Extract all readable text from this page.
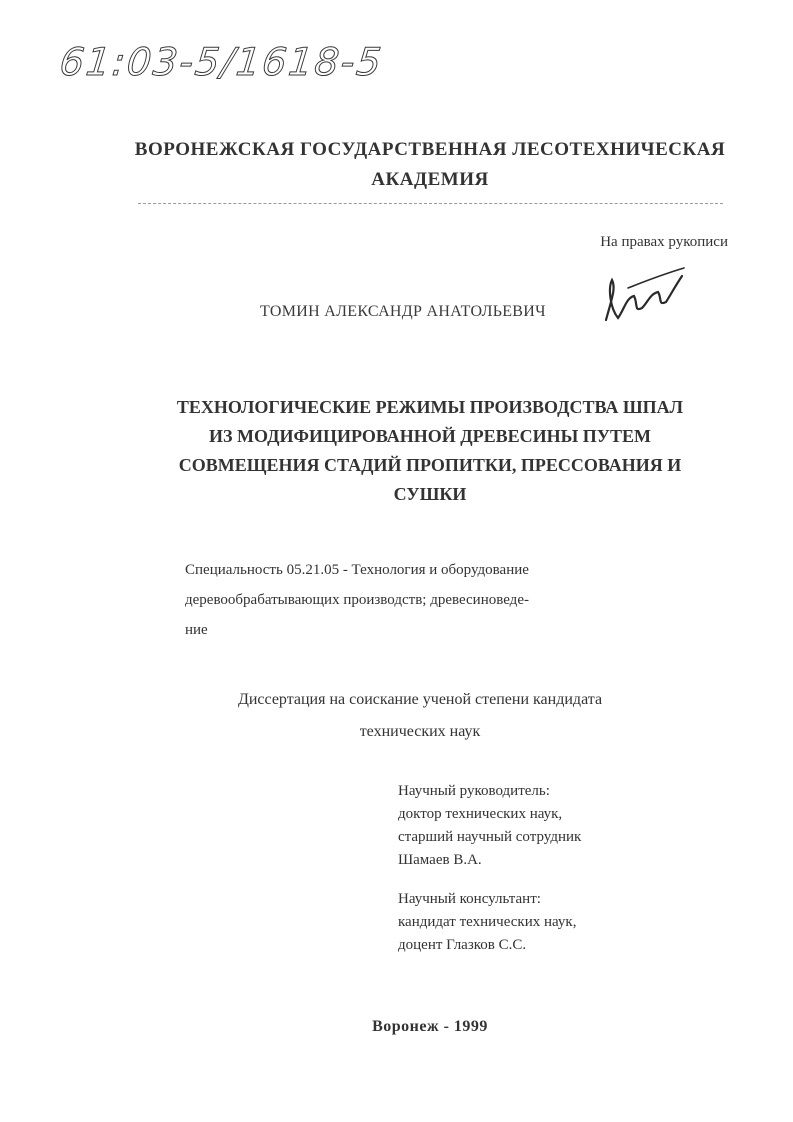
61:03-5/1618-5
ВОРОНЕЖСКАЯ ГОСУДАРСТВЕННАЯ ЛЕСОТЕХНИЧЕСКАЯ
АКАДЕМИЯ
На правах рукописи
ТОМИН АЛЕКСАНДР АНАТОЛЬЕВИЧ
ТЕХНОЛОГИЧЕСКИЕ РЕЖИМЫ ПРОИЗВОДСТВА ШПАЛ
ИЗ МОДИФИЦИРОВАННОЙ ДРЕВЕСИНЫ ПУТЕМ
СОВМЕЩЕНИЯ СТАДИЙ ПРОПИТКИ, ПРЕССОВАНИЯ И
СУШКИ
Специальность 05.21.05 - Технология и оборудование
деревообрабатывающих производств; древесиноведе-
ние
Диссертация на соискание ученой степени кандидата
технических наук
Научный руководитель:
доктор технических наук,
старший научный сотрудник
Шамаев В.А.
Научный консультант:
кандидат технических наук,
доцент Глазков С.С.
Воронеж - 1999
